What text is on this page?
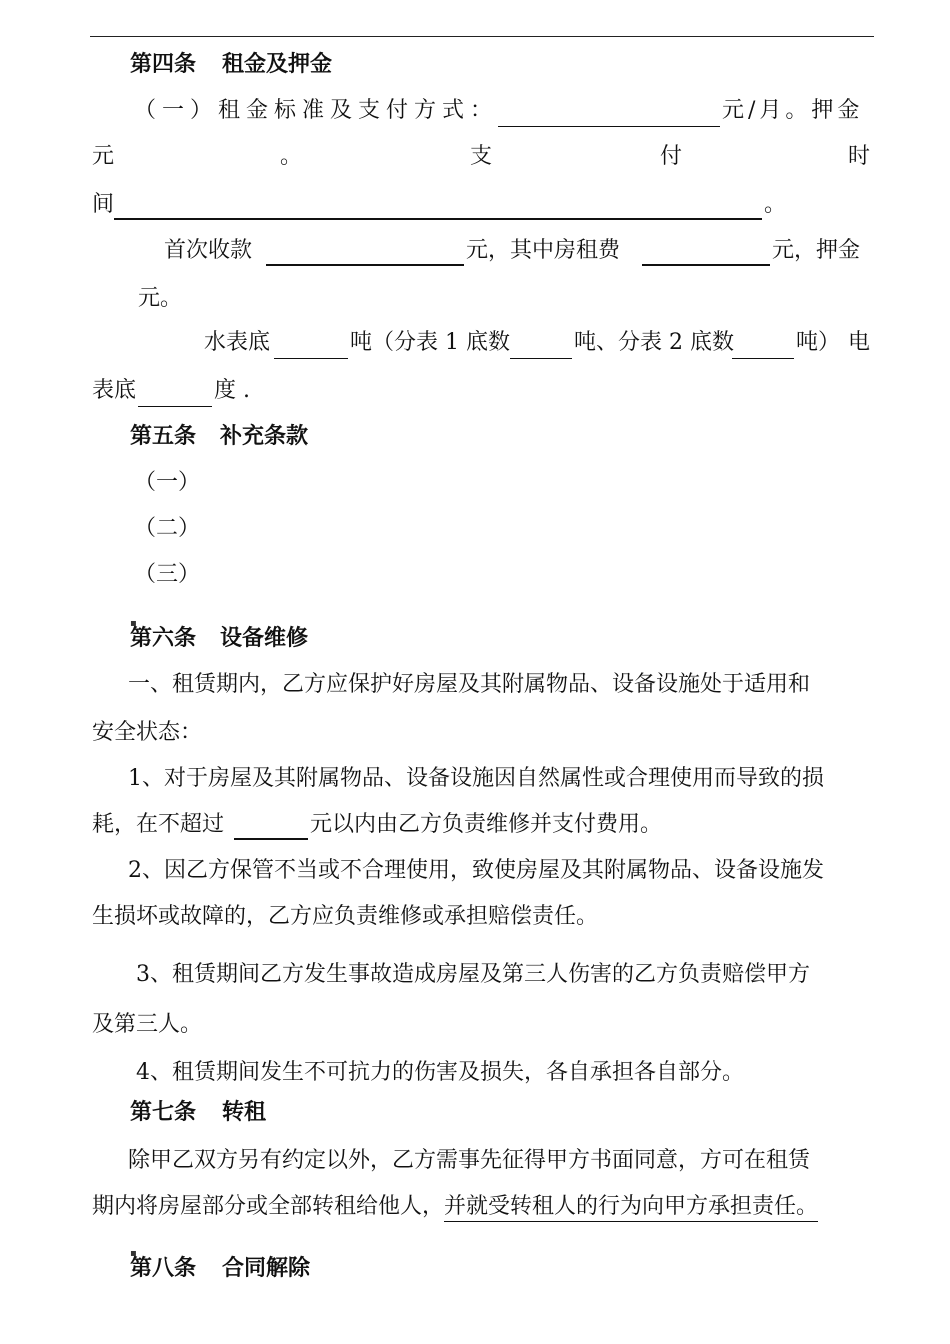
第四条 租金及押金
（一）租金标准及支付方式：	元/月。押金
元	。	支	付	时
间	。
首次收款	元，其中房租费	元，押金
元。
水表底	吨（分表 1 底数	吨、分表 2 底数	吨） 电
表底	度 .
第五条 补充条款
（一）
（二）
（三）
▪
第六条 设备维修
一、租赁期内，乙方应保护好房屋及其附属物品、设备设施处于适用和
安全状态：
1、对于房屋及其附属物品、设备设施因自然属性或合理使用而导致的损
耗，在不超过	元以内由乙方负责维修并支付费用。
2、因乙方保管不当或不合理使用，致使房屋及其附属物品、设备设施发
生损坏或故障的，乙方应负责维修或承担赔偿责任。
3、租赁期间乙方发生事故造成房屋及第三人伤害的乙方负责赔偿甲方
及第三人。
4、租赁期间发生不可抗力的伤害及损失，各自承担各自部分。
第七条 转租
除甲乙双方另有约定以外，乙方需事先征得甲方书面同意，方可在租赁
期内将房屋部分或全部转租给他人，并就受转租人的行为向甲方承担责任。
▪
第八条 合同解除
